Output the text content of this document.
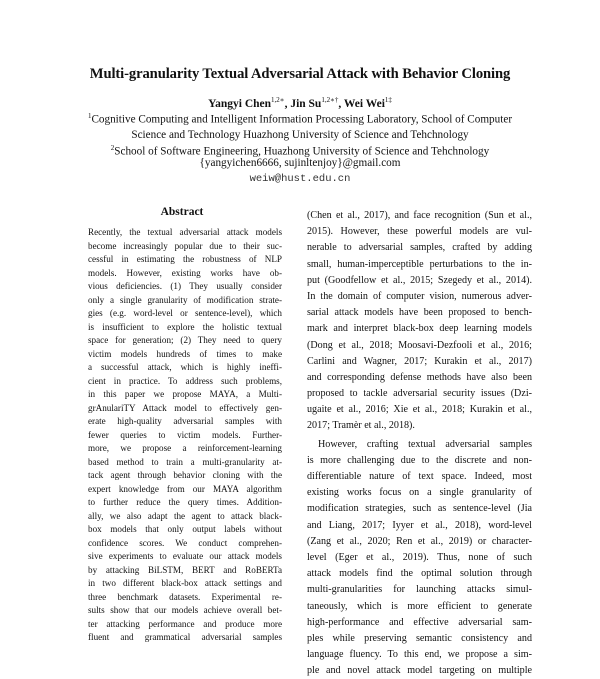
Multi-granularity Textual Adversarial Attack with Behavior Cloning
Yangyi Chen$^{1,2∗}$, Jin $Su^{1,2∗\dagger}$, Wei Wei$^{1\ddagger}$
$^1$Cognitive Computing and Intelligent Information Processing Laboratory, School of Computer
Science and Technology Huazhong University of Science and Tehchnology
$^2$School of Software Engineering, Huazhong University of Science and Tehchnology
{yangyichen6666, sujinltenjoy}@gmail.com
weiw@hust.edu.cn
Abstract
Recently, the textual adversarial attack models
become increasingly popular due to their suc-
cessful in estimating the robustness of NLP
models. However, existing works have ob-
vious deficiencies. (1) They usually consider
only a single granularity of modification strate-
gies (e.g. word-level or sentence-level), which
is insufficient to explore the holistic textual
space for generation; (2) They need to query
victim models hundreds of times to make
a successful attack, which is highly ineffi-
cient in practice. To address such problems,
in this paper we propose MAYA, a Multi-
grAnulariTY Attack model to effectively gen-
erate high-quality adversarial samples with
fewer queries to victim models. Further-
more, we propose a reinforcement-learning
based method to train a multi-granularity at-
tack agent through behavior cloning with the
expert knowledge from our MAYA algorithm
to further reduce the query times. Addition-
ally, we also adapt the agent to attack black-
box models that only output labels without
confidence scores. We conduct comprehen-
sive experiments to evaluate our attack models
by attacking BiLSTM, BERT and RoBERTa
in two different black-box attack settings and
three benchmark datasets. Experimental re-
sults show that our models achieve overall bet-
ter attacking performance and produce more
fluent and grammatical adversarial samples
(Chen et al., 2017), and face recognition (Sun et al.,
2015). However, these powerful models are vul-
nerable to adversarial samples, crafted by adding
small, human-imperceptible perturbations to the in-
put (Goodfellow et al., 2015; Szegedy et al., 2014).
In the domain of computer vision, numerous adver-
sarial attack models have been proposed to bench-
mark and interpret black-box deep learning models
(Dong et al., 2018; Moosavi-Dezfooli et al., 2016;
Carlini and Wagner, 2017; Kurakin et al., 2017)
and corresponding defense methods have also been
proposed to tackle adversarial security issues (Dzi-
ugaite et al., 2016; Xie et al., 2018; Kurakin et al.,
2017; Tramèr et al., 2018).
However, crafting textual adversarial samples
is more challenging due to the discrete and non-
differentiable nature of text space. Indeed, most
existing works focus on a single granularity of
modification strategies, such as sentence-level (Jia
and Liang, 2017; Iyyer et al., 2018), word-level
(Zang et al., 2020; Ren et al., 2019) or character-
level (Eger et al., 2019). Thus, none of such
attack models find the optimal solution through
multi-granularities for launching attacks simul-
taneously, which is more efficient to generate
high-performance and effective adversarial sam-
ples while preserving semantic consistency and
language fluency. To this end, we propose a sim-
ple and novel attack model targeting on multiple
